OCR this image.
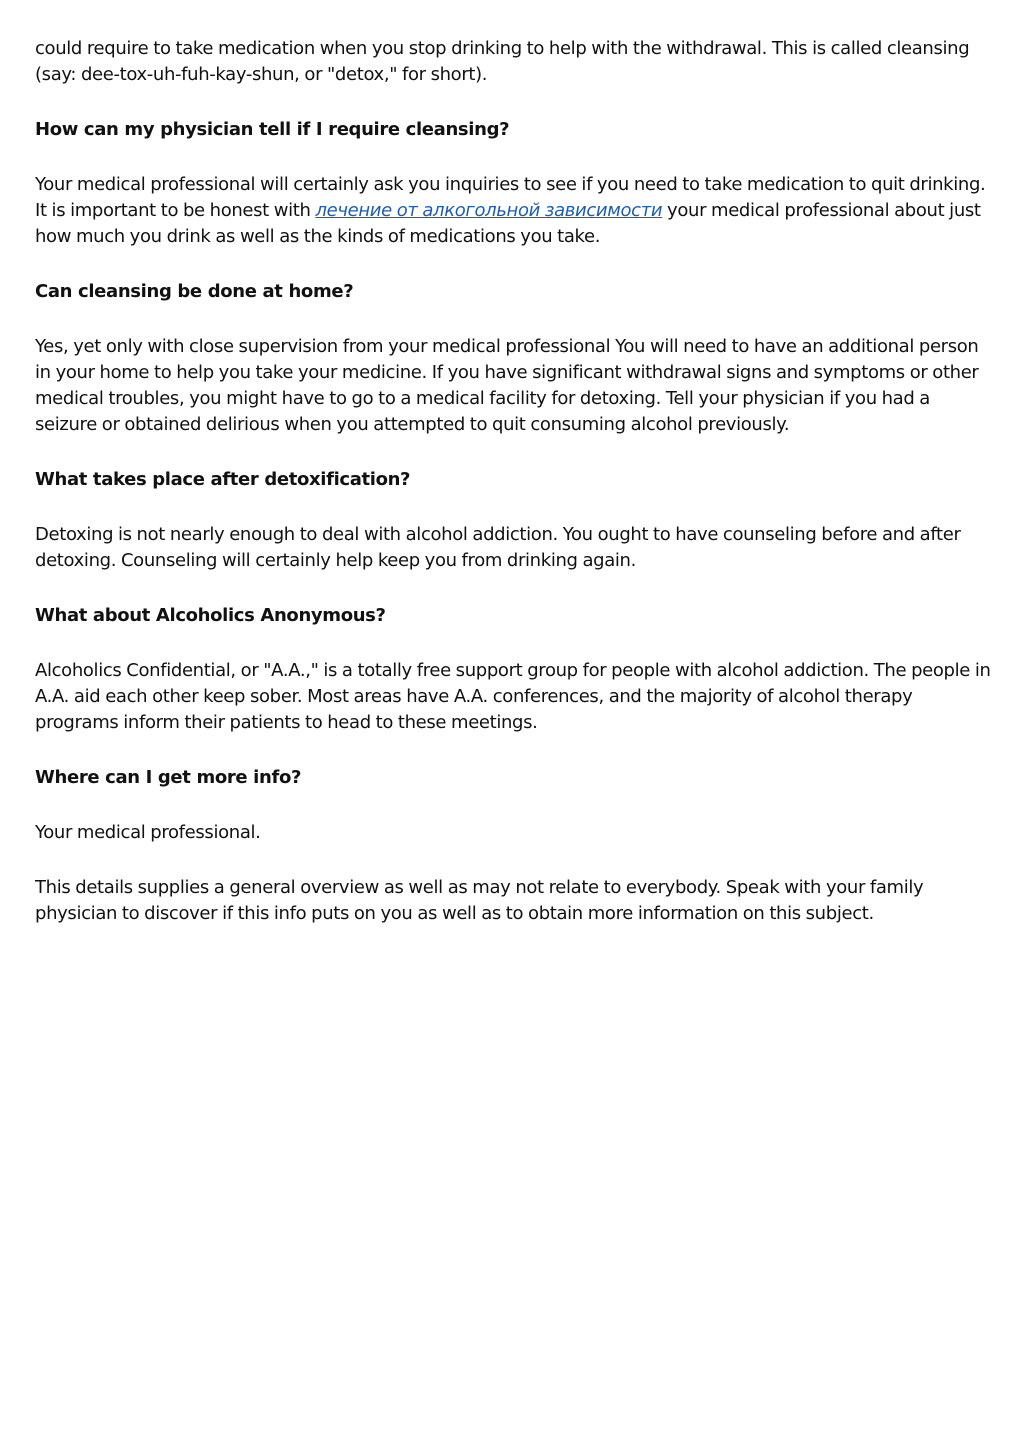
could require to take medication when you stop drinking to help with the withdrawal. This is called cleansing (say: dee-tox-uh-fuh-kay-shun, or "detox," for short).

How can my physician tell if I require cleansing?

Your medical professional will certainly ask you inquiries to see if you need to take medication to quit drinking. It is important to be honest with лечение от алкогольной зависимости your medical professional about just how much you drink as well as the kinds of medications you take.

Can cleansing be done at home?

Yes, yet only with close supervision from your medical professional You will need to have an additional person in your home to help you take your medicine. If you have significant withdrawal signs and symptoms or other medical troubles, you might have to go to a medical facility for detoxing. Tell your physician if you had a seizure or obtained delirious when you attempted to quit consuming alcohol previously.

What takes place after detoxification?

Detoxing is not nearly enough to deal with alcohol addiction. You ought to have counseling before and after detoxing. Counseling will certainly help keep you from drinking again.

What about Alcoholics Anonymous?

Alcoholics Confidential, or "A.A.," is a totally free support group for people with alcohol addiction. The people in A.A. aid each other keep sober. Most areas have A.A. conferences, and the majority of alcohol therapy programs inform their patients to head to these meetings.

Where can I get more info?

Your medical professional.

This details supplies a general overview as well as may not relate to everybody. Speak with your family physician to discover if this info puts on you as well as to obtain more information on this subject.
